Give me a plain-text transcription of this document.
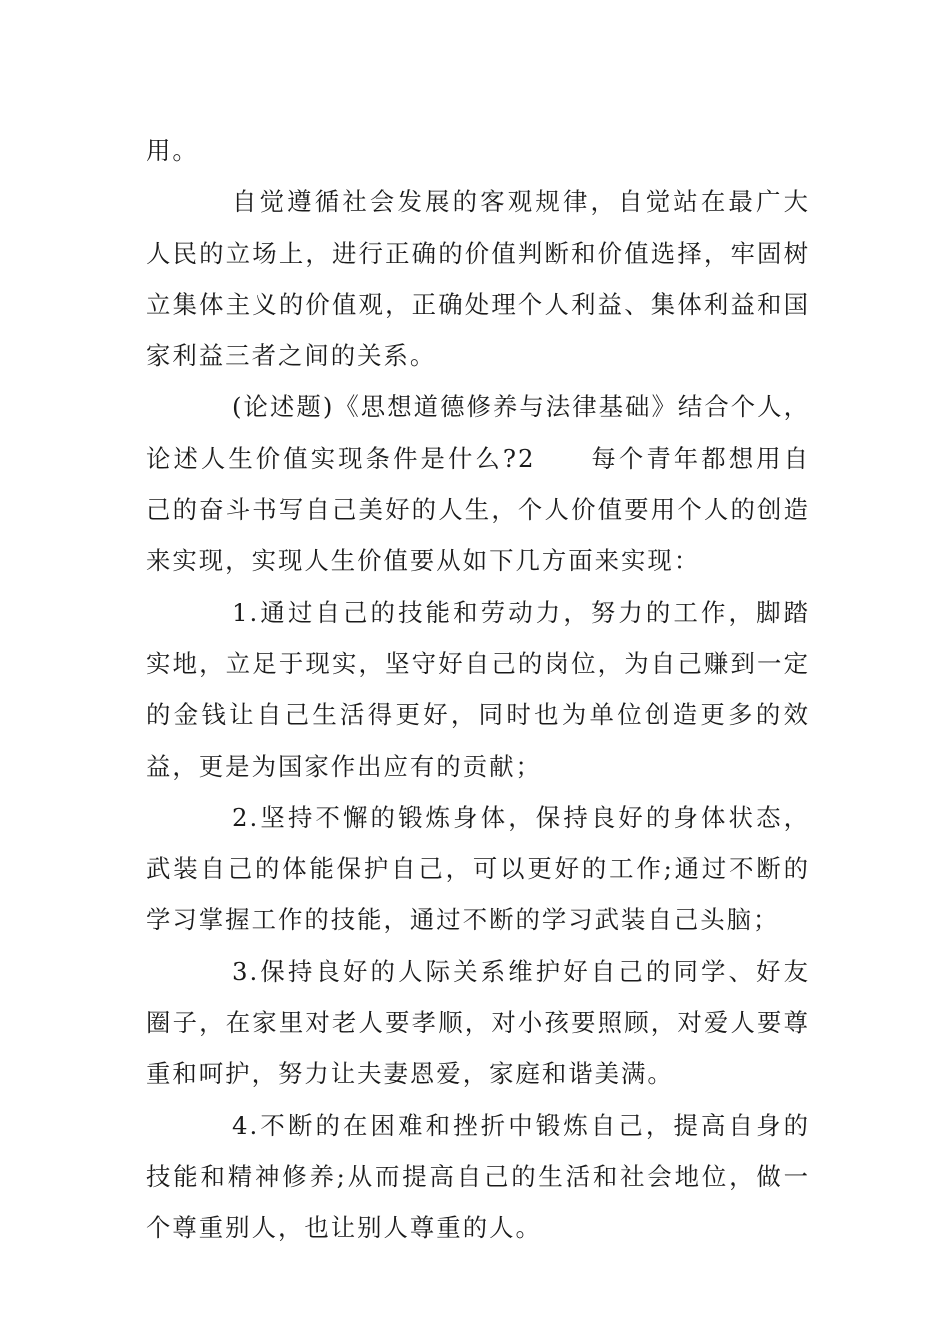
用。

自觉遵循社会发展的客观规律，自觉站在最广大人民的立场上，进行正确的价值判断和价值选择，牢固树立集体主义的价值观，正确处理个人利益、集体利益和国家利益三者之间的关系。

(论述题)《思想道德修养与法律基础》结合个人，论述人生价值实现条件是什么?2　　每个青年都想用自己的奋斗书写自己美好的人生，个人价值要用个人的创造来实现，实现人生价值要从如下几方面来实现：

1.通过自己的技能和劳动力，努力的工作，脚踏实地，立足于现实，坚守好自己的岗位，为自己赚到一定的金钱让自己生活得更好，同时也为单位创造更多的效益，更是为国家作出应有的贡献；

2.坚持不懈的锻炼身体，保持良好的身体状态，武装自己的体能保护自己，可以更好的工作;通过不断的学习掌握工作的技能，通过不断的学习武装自己头脑；

3.保持良好的人际关系维护好自己的同学、好友圈子，在家里对老人要孝顺，对小孩要照顾，对爱人要尊重和呵护，努力让夫妻恩爱，家庭和谐美满。

4.不断的在困难和挫折中锻炼自己，提高自身的技能和精神修养;从而提高自己的生活和社会地位，做一个尊重别人，也让别人尊重的人。
